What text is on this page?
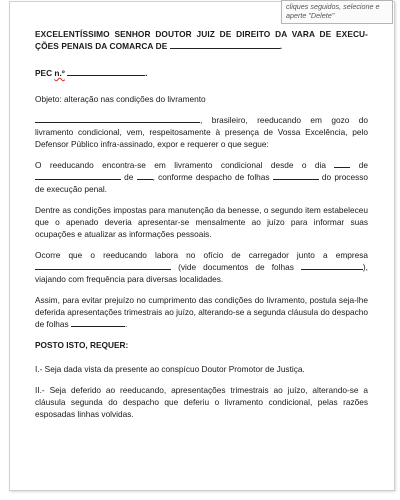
cliques seguidos, selecione e aperte "Delete"

EXCELENTÍSSIMO SENHOR DOUTOR JUIZ DE DIREITO DA VARA DE EXECU-ÇÕES PENAIS DA COMARCA DE	.

PEC n.º	.

Objeto: alteração nas condições do livramento

, brasileiro, reeducando em gozo do livramento condicional, vem, respeitosamente à presença de Vossa Excelência, pelo Defensor Público infra-assinado, expor e requerer o que segue:

O reeducando encontra-se em livramento condicional desde o dia  de  de , conforme despacho de folhas	do processo de execução penal.

Dentre as condições impostas para manutenção da benesse, o segundo item estabeleceu que o apenado deveria apresentar-se mensalmente ao juízo para informar suas ocupações e atualizar as informações pessoais.

Ocorre que o reeducando labora no ofício de carregador junto a empresa  (vide documentos de folhas	), viajando com frequência para diversas localidades.

Assim, para evitar prejuízo no cumprimento das condições do livramento, postula seja-lhe deferida apresentações trimestrais ao juízo, alterando-se a segunda cláusula do despacho de folhas	.

POSTO ISTO, REQUER:

I.- Seja dada vista da presente ao conspícuo Doutor Promotor de Justiça.

II.- Seja deferido ao reeducando, apresentações trimestrais ao juízo, alterando-se a cláusula segunda do despacho que deferiu o livramento condicional, pelas razões esposadas linhas volvidas.
